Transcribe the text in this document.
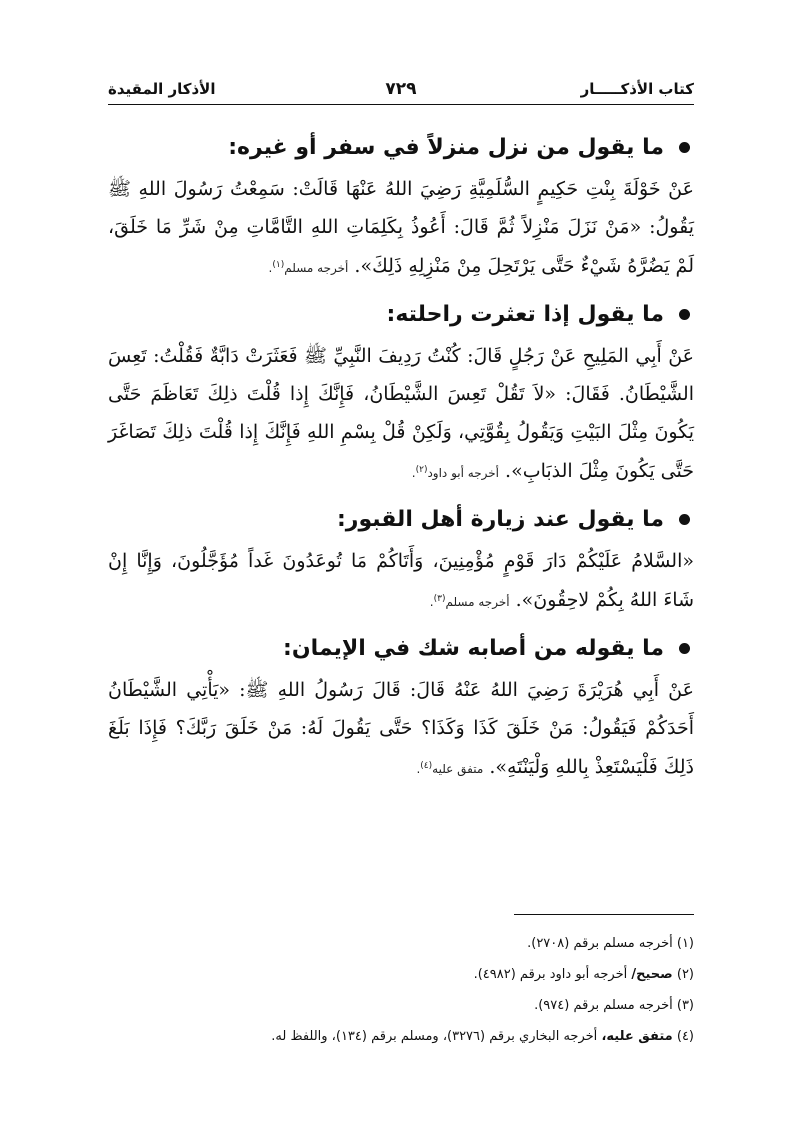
كتاب الأذكـــــار
٧٢٩
الأذكار المقيدة
ما يقول من نزل منزلاً في سفر أو غيره:

عَنْ خَوْلَةَ بِنْتِ حَكِيمٍ السُّلَمِيَّةِ رَضِيَ اللهُ عَنْهَا قَالَتْ: سَمِعْتُ رَسُولَ اللهِ ﷺ يَقُولُ: «مَنْ نَزَلَ مَنْزِلاً ثُمَّ قَالَ: أَعُوذُ بِكَلِمَاتِ اللهِ التَّامَّاتِ مِنْ شَرِّ مَا خَلَقَ، لَمْ يَضُرَّهُ شَيْءٌ حَتَّى يَرْتَحِلَ مِنْ مَنْزِلِهِ ذَلِكَ». أخرجه مسلم$^{(١)}$.

ما يقول إذا تعثرت راحلته:

عَنْ أَبِي المَلِيحِ عَنْ رَجُلٍ قَالَ: كُنْتُ رَدِيفَ النَّبِيِّ ﷺ فَعَثَرَتْ دَابَّةٌ فَقُلْتُ: تَعِسَ الشَّيْطَانُ. فَقَالَ: «لاَ تَقُلْ تَعِسَ الشَّيْطَانُ، فَإِنَّكَ إِذا قُلْتَ ذلِكَ تَعَاظَمَ حَتَّى يَكُونَ مِثْلَ البَيْتِ وَيَقُولُ بِقُوَّتِي، وَلَكِنْ قُلْ بِسْمِ اللهِ فَإِنَّكَ إِذا قُلْتَ ذلِكَ تَصَاغَرَ حَتَّى يَكُونَ مِثْلَ الذبَابِ». أخرجه أبو داود$^{(٢)}$.

ما يقول عند زيارة أهل القبور:

«السَّلامُ عَلَيْكُمْ دَارَ قَوْمٍ مُؤْمِنِينَ، وَأَتَاكُمْ مَا تُوعَدُونَ غَداً مُؤَجَّلُونَ، وَإِنَّا إِنْ شَاءَ اللهُ بِكُمْ لاحِقُونَ». أخرجه مسلم$^{(٣)}$.

ما يقوله من أصابه شك في الإيمان:

عَنْ أَبِي هُرَيْرَةَ رَضِيَ اللهُ عَنْهُ قَالَ: قَالَ رَسُولُ اللهِ ﷺ: «يَأْتِي الشَّيْطَانُ أَحَدَكُمْ فَيَقُولُ: مَنْ خَلَقَ كَذَا وَكَذَا؟ حَتَّى يَقُولَ لَهُ: مَنْ خَلَقَ رَبَّكَ؟ فَإِذَا بَلَغَ ذَلِكَ فَلْيَسْتَعِذْ بِاللهِ وَلْيَنْتَهِ». متفق عليه$^{(٤)}$.

(١) أخرجه مسلم برقم (٢٧٠٨).
(٢) صحيح/ أخرجه أبو داود برقم (٤٩٨٢).
(٣) أخرجه مسلم برقم (٩٧٤).
(٤) متفق عليه، أخرجه البخاري برقم (٣٢٧٦)، ومسلم برقم (١٣٤)، واللفظ له.
